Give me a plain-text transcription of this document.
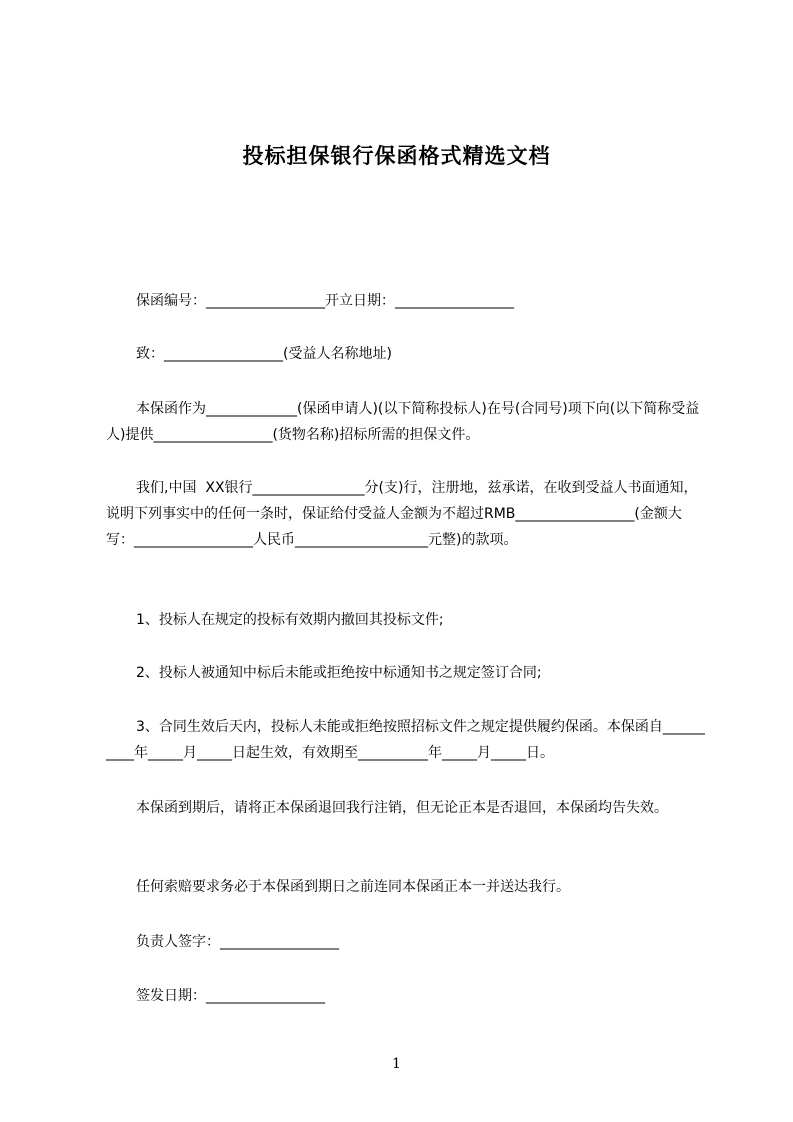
投标担保银行保函格式精选文档
保函编号：_________________开立日期：_________________
致：_________________(受益人名称地址)
本保函作为_____________(保函申请人)(以下简称投标人)在号(合同号)项下向(以下简称受益人)提供_________________(货物名称)招标所需的担保文件。
我们,中国  XX银行________________分(支)行，注册地，兹承诺，在收到受益人书面通知，说明下列事实中的任何一条时，保证给付受益人金额为不超过RMB_________________(金额大写：_________________人民币___________________元整)的款项。
1、投标人在规定的投标有效期内撤回其投标文件;
2、投标人被通知中标后未能或拒绝按中标通知书之规定签订合同;
3、合同生效后天内，投标人未能或拒绝按照招标文件之规定提供履约保函。本保函自__________年_____月_____日起生效，有效期至__________年_____月_____日。
本保函到期后，请将正本保函退回我行注销，但无论正本是否退回，本保函均告失效。
任何索赔要求务必于本保函到期日之前连同本保函正本一并送达我行。
负责人签字：_________________
签发日期：_________________
1
